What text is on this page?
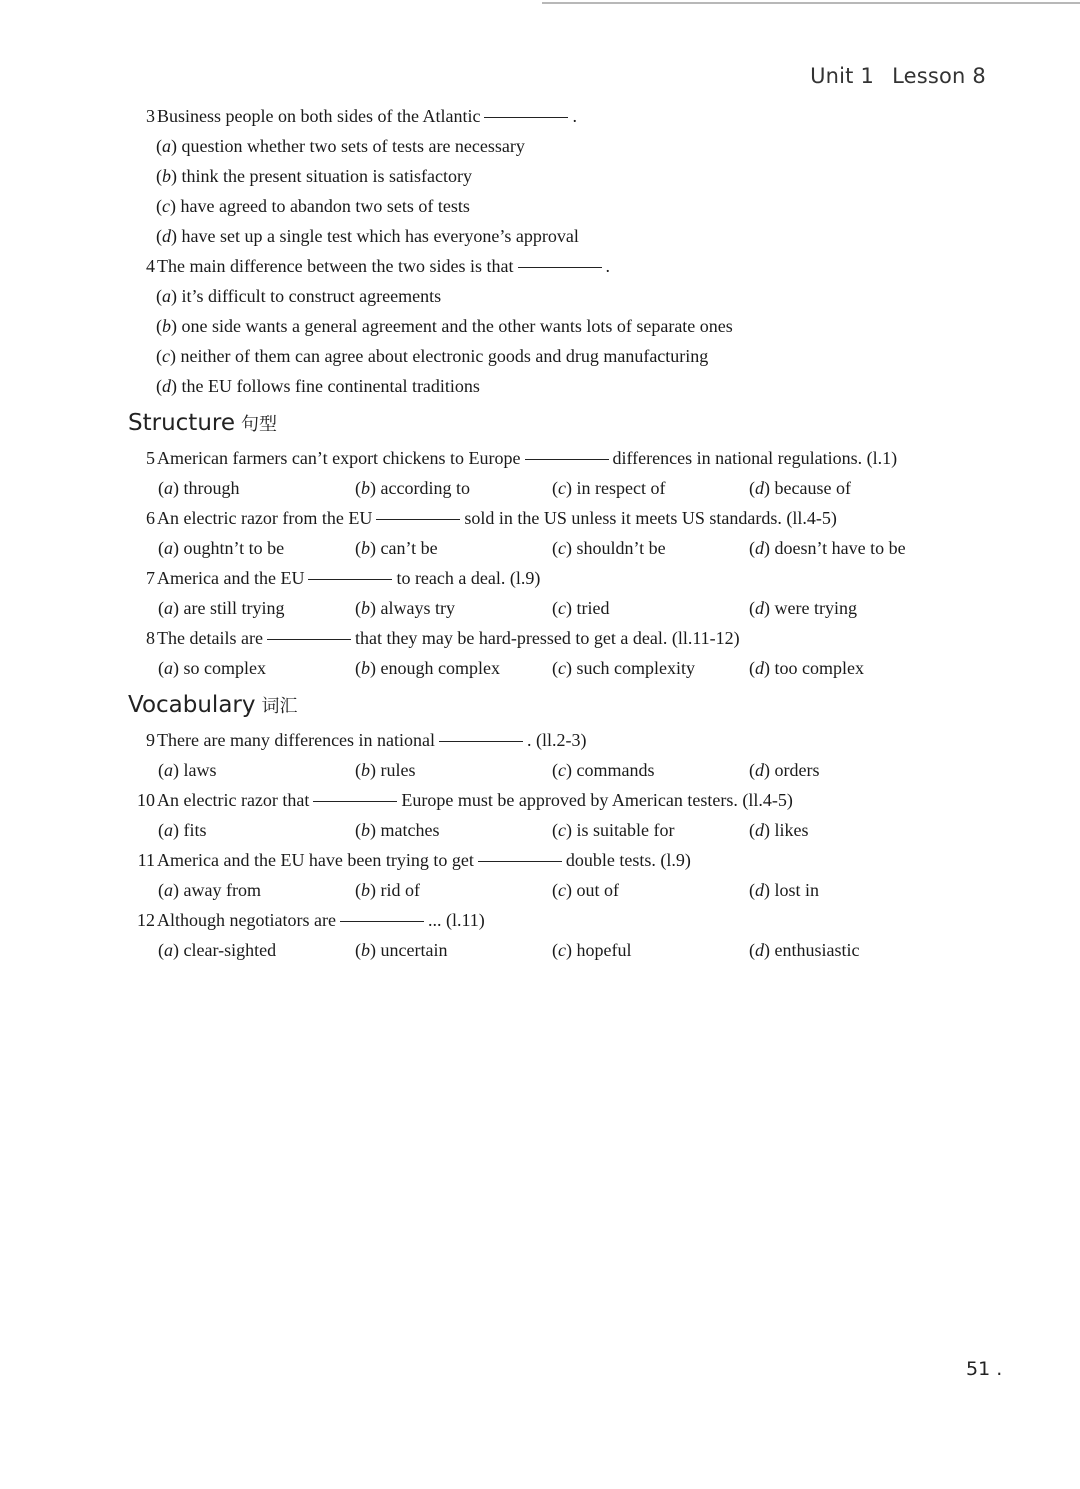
Unit 1 Lesson 8
3 Business people on both sides of the Atlantic	.
(a) question whether two sets of tests are necessary
(b) think the present situation is satisfactory
(c) have agreed to abandon two sets of tests
(d) have set up a single test which has everyone’s approval
4 The main difference between the two sides is that	.
(a) it’s difficult to construct agreements
(b) one side wants a general agreement and the other wants lots of separate ones
(c) neither of them can agree about electronic goods and drug manufacturing
(d) the EU follows fine continental traditions
Structure 句型
5 American farmers can’t export chickens to Europe	differences in national regulations. (l.1)
(a) through	(b) according to	(c) in respect of	(d) because of
6 An electric razor from the EU	sold in the US unless it meets US standards. (ll.4-5)
(a) oughtn’t to be	(b) can’t be	(c) shouldn’t be	(d) doesn’t have to be
7 America and the EU	to reach a deal. (l.9)
(a) are still trying	(b) always try	(c) tried	(d) were trying
8 The details are	that they may be hard-pressed to get a deal. (ll.11-12)
(a) so complex	(b) enough complex	(c) such complexity	(d) too complex
Vocabulary 词汇
9 There are many differences in national	. (ll.2-3)
(a) laws	(b) rules	(c) commands	(d) orders
10 An electric razor that	Europe must be approved by American testers. (ll.4-5)
(a) fits	(b) matches	(c) is suitable for	(d) likes
11 America and the EU have been trying to get	double tests. (l.9)
(a) away from	(b) rid of	(c) out of	(d) lost in
12 Although negotiators are	... (l.11)
(a) clear-sighted	(b) uncertain	(c) hopeful	(d) enthusiastic
51 .
